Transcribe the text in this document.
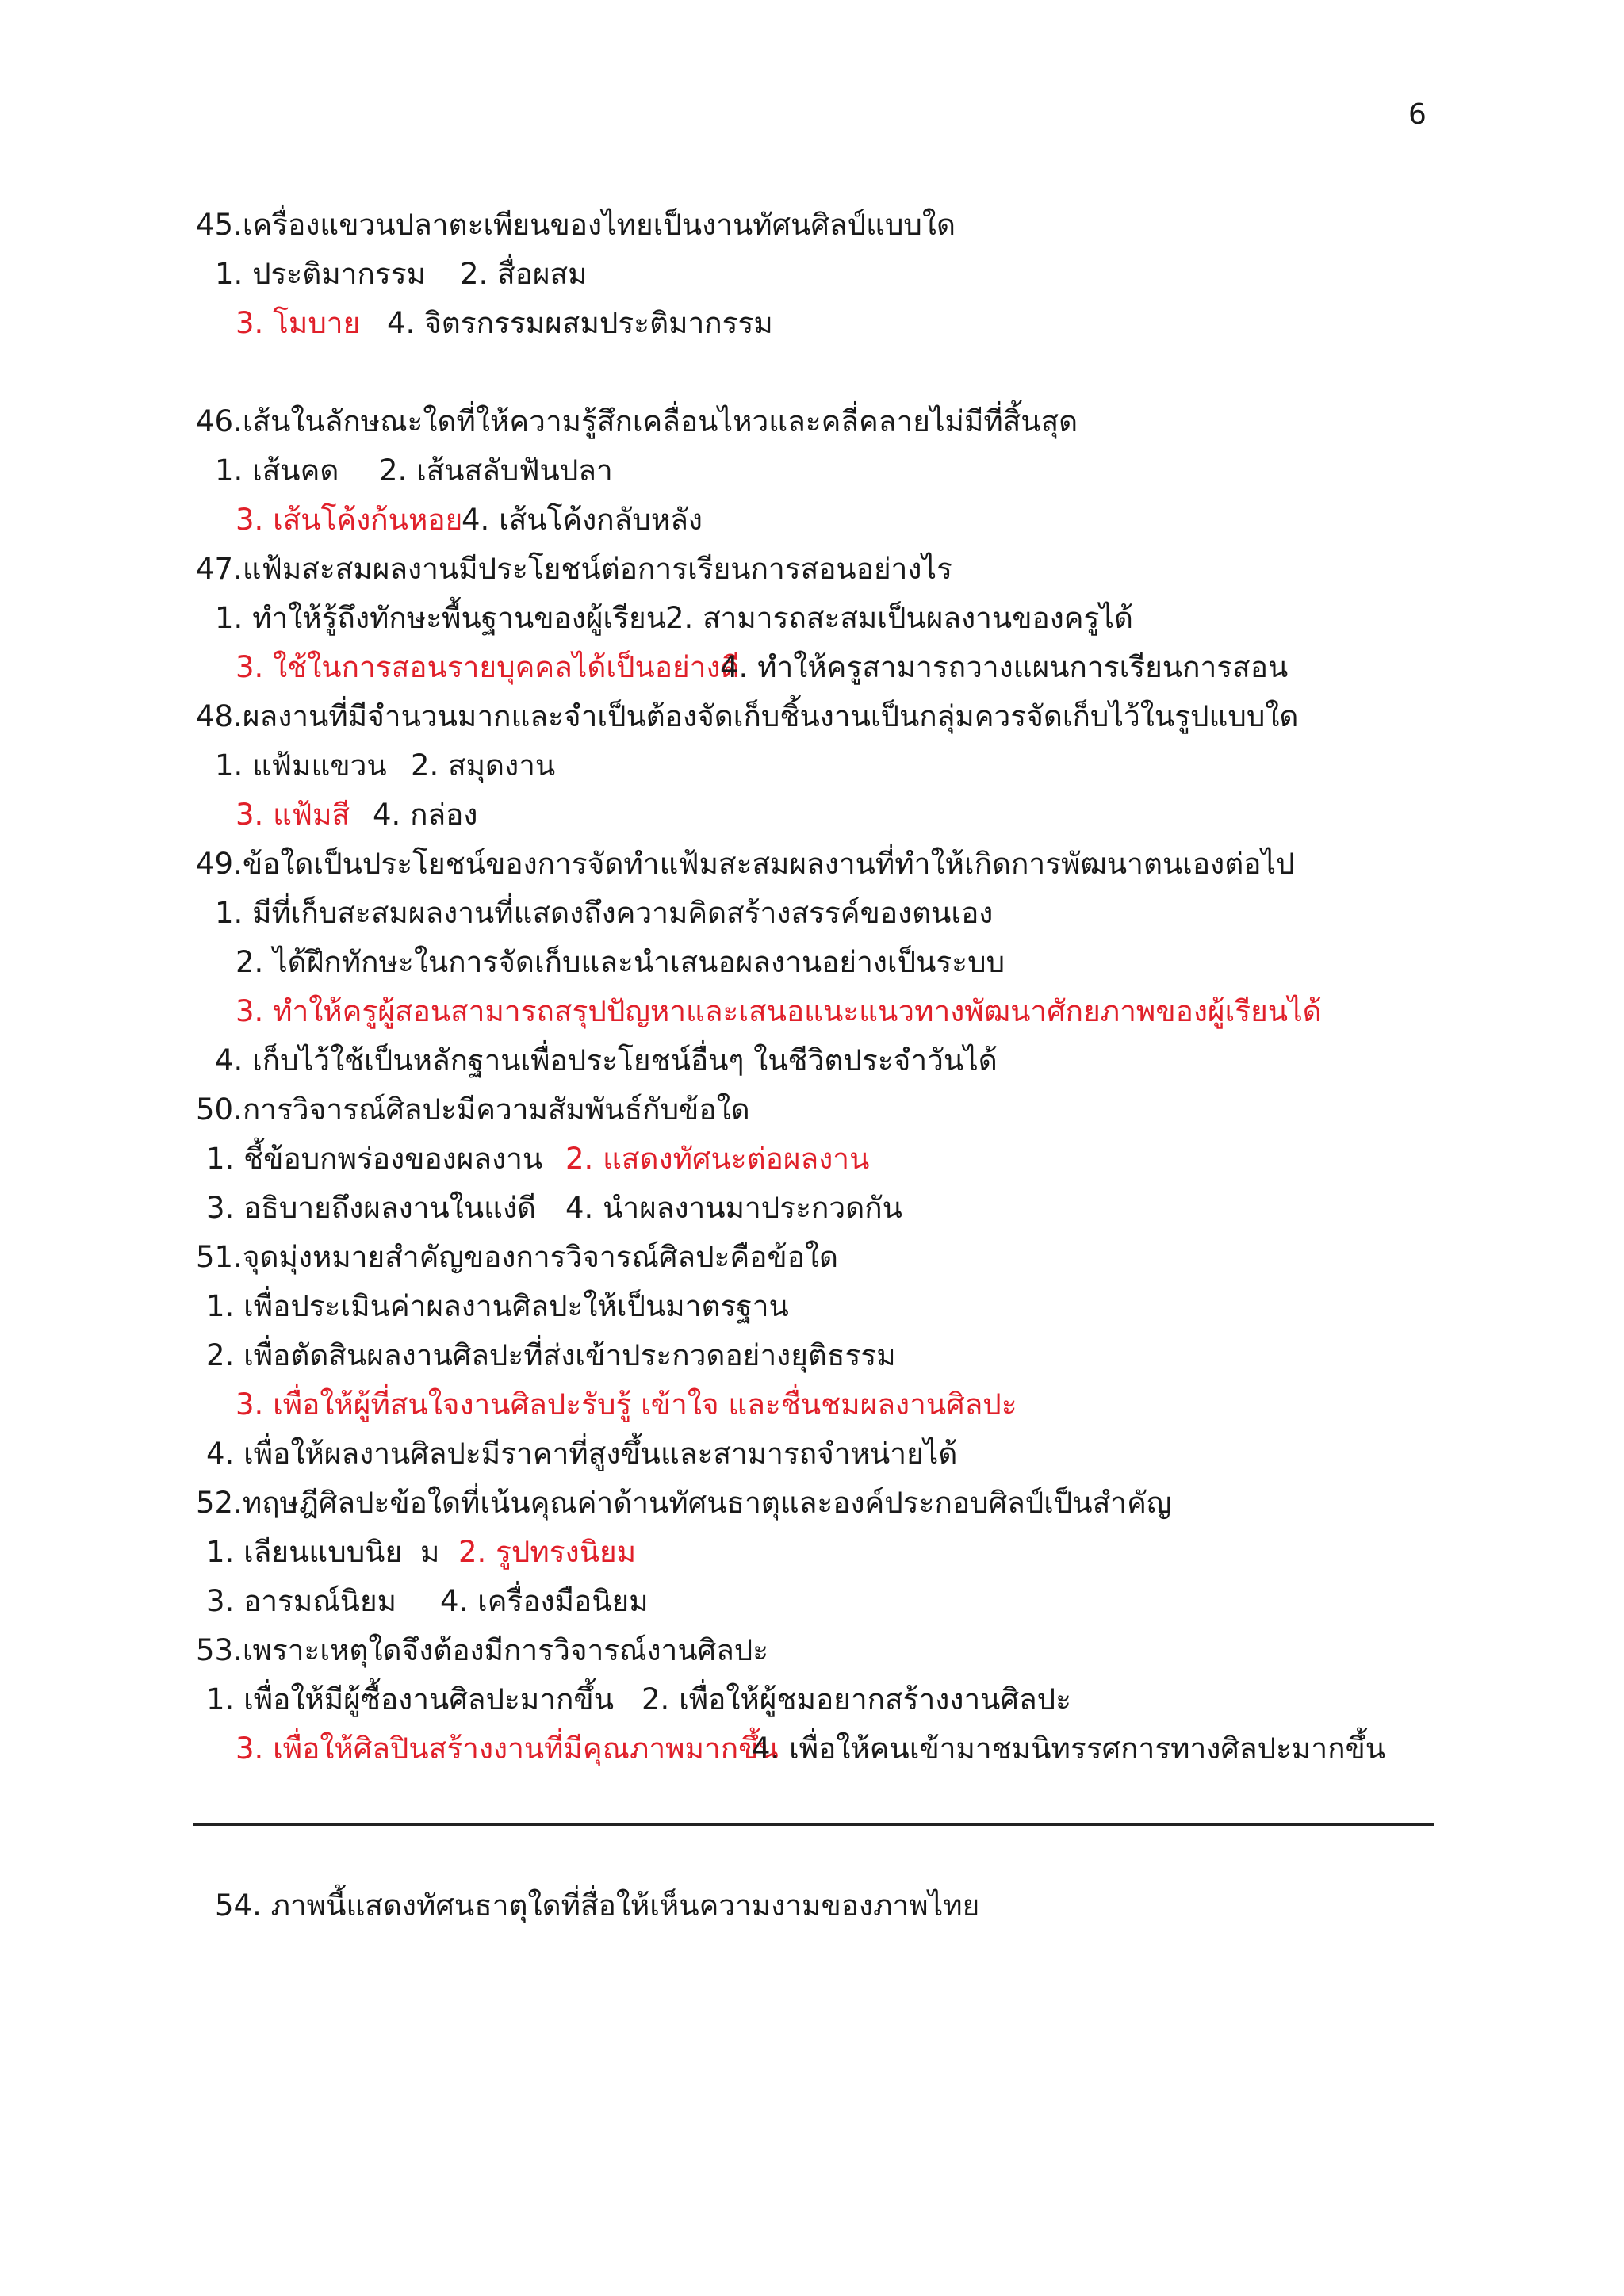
6
45.เครื่องแขวนปลาตะเพียนของไทยเป็นงานทัศนศิลป์แบบใด
1. ประติมากรรม 2. สื่อผสม
3. โมบาย 4. จิตรกรรมผสมประติมากรรม
46.เส้นในลักษณะใดที่ให้ความรู้สึกเคลื่อนไหวและคลี่คลายไม่มีที่สิ้นสุด
1. เส้นคด 2. เส้นสลับฟันปลา
3. เส้นโค้งก้นหอย
4. เส้นโค้งกลับหลัง
47.แฟ้มสะสมผลงานมีประโยชน์ต่อการเรียนการสอนอย่างไร
1. ทำให้รู้ถึงทักษะพื้นฐานของผู้เรียน
2. สามารถสะสมเป็นผลงานของครูได้
3. ใช้ในการสอนรายบุคคลได้เป็นอย่างดี
4. ทำให้ครูสามารถวางแผนการเรียนการสอน
48.ผลงานที่มีจำนวนมากและจำเป็นต้องจัดเก็บชิ้นงานเป็นกลุ่มควรจัดเก็บไว้ในรูปแบบใด
1. แฟ้มแขวน 2. สมุดงาน
3. แฟ้มสี 4. กล่อง
49.ข้อใดเป็นประโยชน์ของการจัดทำแฟ้มสะสมผลงานที่ทำให้เกิดการพัฒนาตนเองต่อไป
1. มีที่เก็บสะสมผลงานที่แสดงถึงความคิดสร้างสรรค์ของตนเอง
2. ได้ฝึกทักษะในการจัดเก็บและนำเสนอผลงานอย่างเป็นระบบ
3. ทำให้ครูผู้สอนสามารถสรุปปัญหาและเสนอแนะแนวทางพัฒนาศักยภาพของผู้เรียนได้
4. เก็บไว้ใช้เป็นหลักฐานเพื่อประโยชน์อื่นๆ ในชีวิตประจำวันได้
50.การวิจารณ์ศิลปะมีความสัมพันธ์กับข้อใด
1. ชี้ข้อบกพร่องของผลงาน 2. แสดงทัศนะต่อผลงาน
3. อธิบายถึงผลงานในแง่ดี 4. นำผลงานมาประกวดกัน
51.จุดมุ่งหมายสำคัญของการวิจารณ์ศิลปะคือข้อใด
1. เพื่อประเมินค่าผลงานศิลปะให้เป็นมาตรฐาน
2. เพื่อตัดสินผลงานศิลปะที่ส่งเข้าประกวดอย่างยุติธรรม
3. เพื่อให้ผู้ที่สนใจงานศิลปะรับรู้ เข้าใจ และชื่นชมผลงานศิลปะ
4. เพื่อให้ผลงานศิลปะมีราคาที่สูงขึ้นและสามารถจำหน่ายได้
52.ทฤษฎีศิลปะข้อใดที่เน้นคุณค่าด้านทัศนธาตุและองค์ประกอบศิลป์เป็นสำคัญ
1. เลียนแบบนิย ม 2. รูปทรงนิยม
3. อารมณ์นิยม 4. เครื่องมือนิยม
53.เพราะเหตุใดจึงต้องมีการวิจารณ์งานศิลปะ
1. เพื่อให้มีผู้ซื้องานศิลปะมากขึ้น 2. เพื่อให้ผู้ชมอยากสร้างงานศิลปะ
3. เพื่อให้ศิลปินสร้างงานที่มีคุณภาพมากขึ้น
4. เพื่อให้คนเข้ามาชมนิทรรศการทางศิลปะมากขึ้น
54. ภาพนี้แสดงทัศนธาตุใดที่สื่อให้เห็นความงามของภาพไทย
